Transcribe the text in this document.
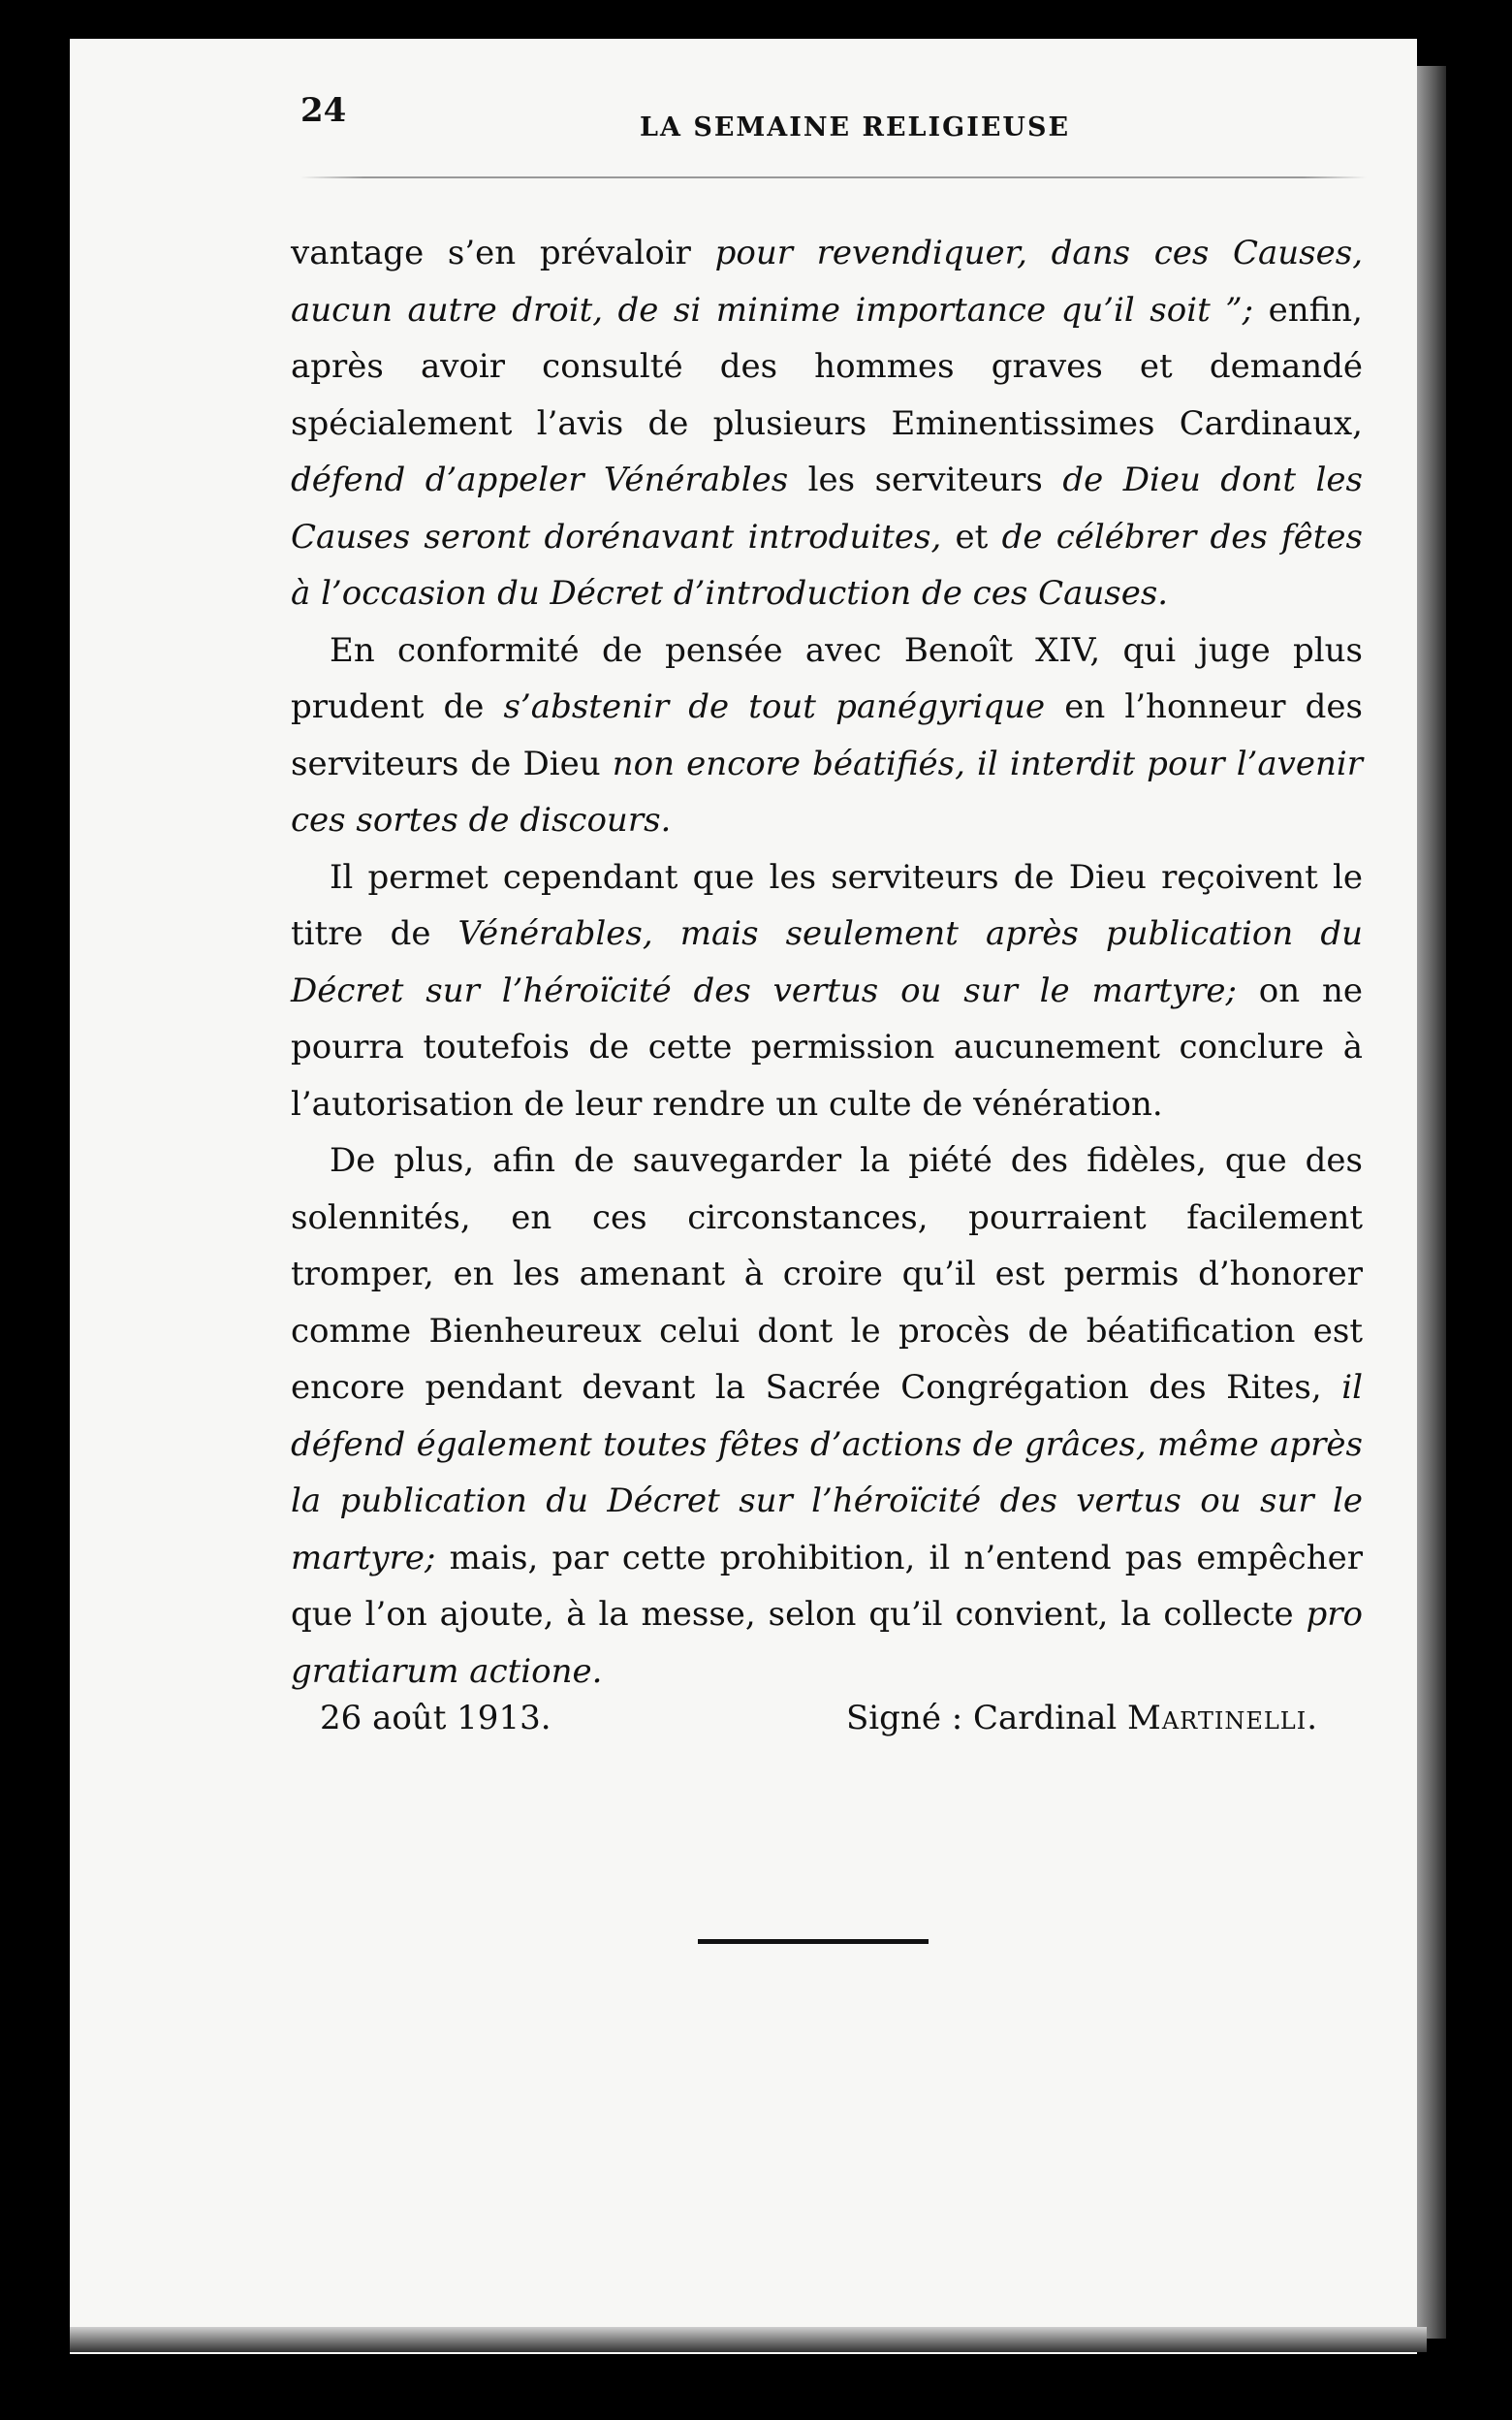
24	LA SEMAINE RELIGIEUSE

vantage s’en prévaloir pour revendiquer, dans ces Causes, aucun autre droit, de si minime importance qu’il soit ”; enfin, après avoir consulté des hommes graves et demandé spécialement l’avis de plusieurs Eminentissimes Cardinaux, défend d’appeler Vénérables les serviteurs de Dieu dont les Causes seront dorénavant introduites, et de célébrer des fêtes à l’occasion du Décret d’introduction de ces Causes.

En conformité de pensée avec Benoît XIV, qui juge plus prudent de s’abstenir de tout panégyrique en l’honneur des serviteurs de Dieu non encore béatifiés, il interdit pour l’avenir ces sortes de discours.

Il permet cependant que les serviteurs de Dieu reçoivent le titre de Vénérables, mais seulement après publication du Décret sur l’héroïcité des vertus ou sur le martyre; on ne pourra toutefois de cette permission aucunement conclure à l’autorisation de leur rendre un culte de vénération.

De plus, afin de sauvegarder la piété des fidèles, que des solennités, en ces circonstances, pourraient facilement tromper, en les amenant à croire qu’il est permis d’honorer comme Bienheureux celui dont le procès de béatification est encore pendant devant la Sacrée Congrégation des Rites, il défend également toutes fêtes d’actions de grâces, même après la publication du Décret sur l’héroïcité des vertus ou sur le martyre; mais, par cette prohibition, il n’entend pas empêcher que l’on ajoute, à la messe, selon qu’il convient, la collecte pro gratiarum actione.

26 août 1913.	Signé : Cardinal Martinelli.
